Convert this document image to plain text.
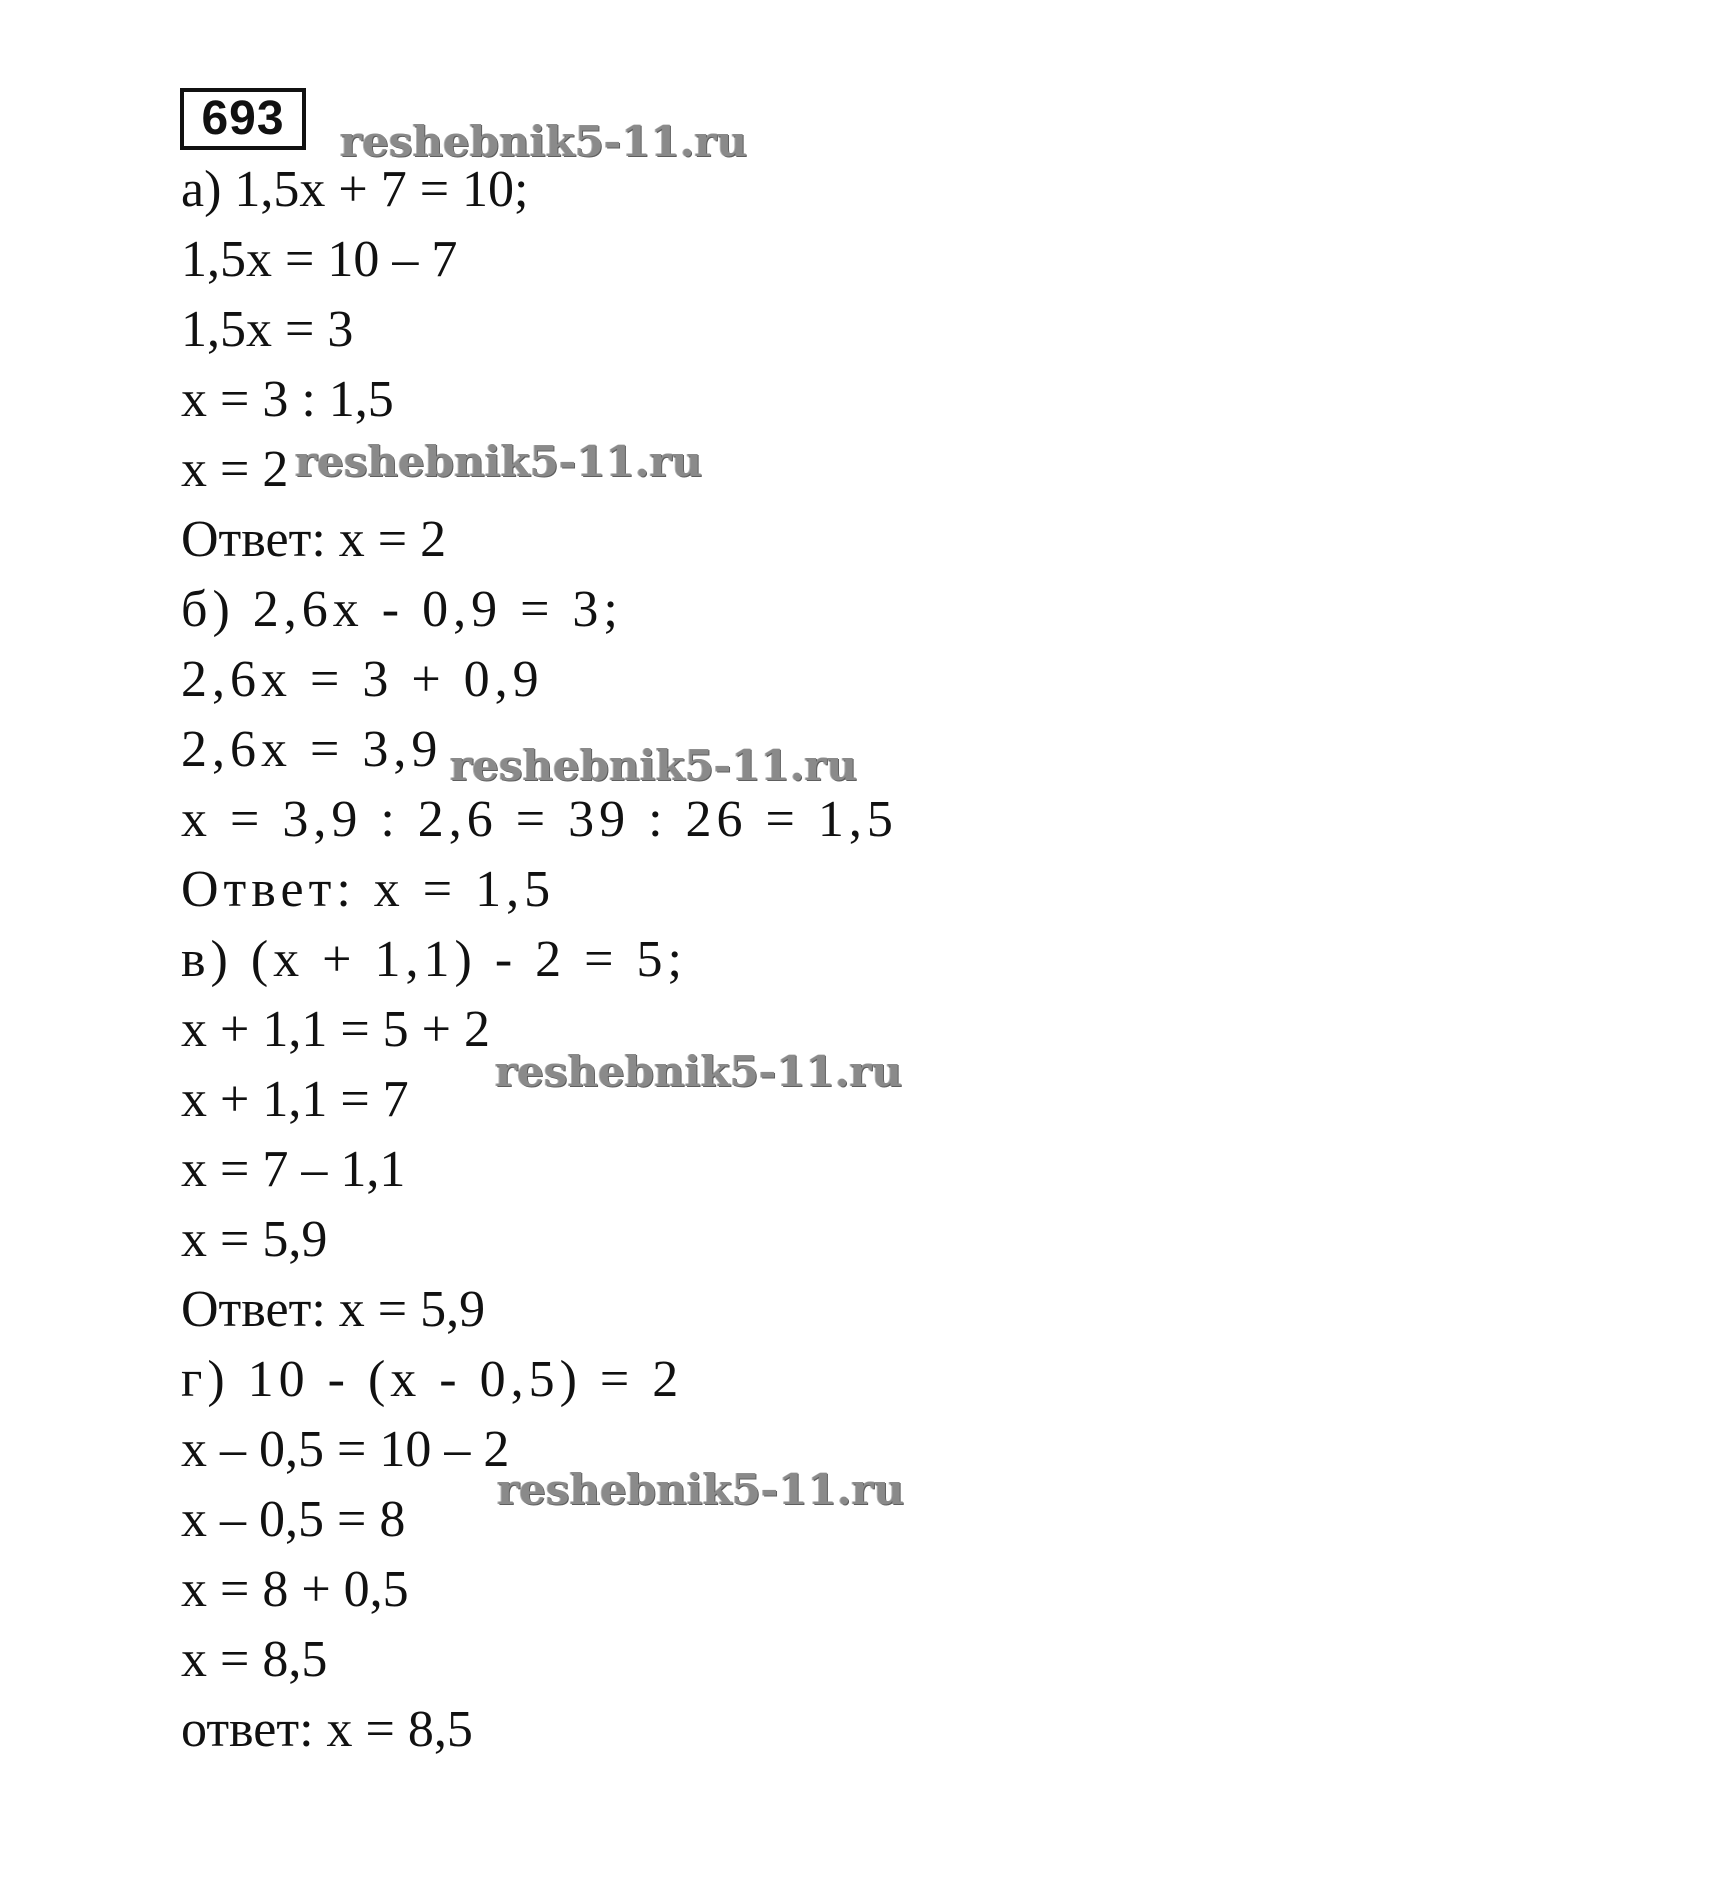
693
а) 1,5x + 7 = 10;
1,5x = 10 – 7
1,5x = 3
x = 3 : 1,5
x = 2
Ответ: x = 2
б) 2,6x - 0,9 = 3;
2,6x = 3 + 0,9
2,6x = 3,9
x = 3,9 : 2,6 = 39 : 26 = 1,5
Ответ: x = 1,5
в) (x + 1,1) - 2 = 5;
x + 1,1 = 5 + 2
x + 1,1 = 7
x = 7 – 1,1
x = 5,9
Ответ: x = 5,9
г) 10 - (x - 0,5) = 2
x – 0,5 = 10 – 2
x – 0,5 = 8
x = 8 + 0,5
x = 8,5
ответ: x = 8,5
reshebnik5-11.ru
reshebnik5-11.ru
reshebnik5-11.ru
reshebnik5-11.ru
reshebnik5-11.ru
